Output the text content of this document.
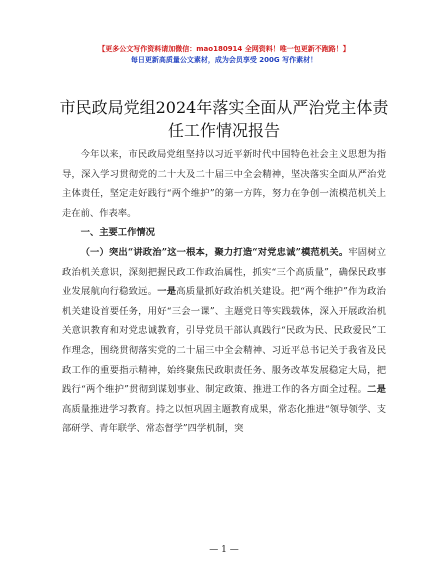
【更多公文写作资料请加微信：mao180914 全网资料！唯一包更新不跑路！】
每日更新高质量公文素材，成为会员享受 200G 写作素材！
市民政局党组2024年落实全面从严治党主体责
任工作情况报告

今年以来，市民政局党组坚持以习近平新时代中国特色社会主义思想为指导，深入学习贯彻党的二十大及二十届三中全会精神，坚决落实全面从严治党主体责任，坚定走好践行“两个维护”的第一方阵，努力在争创一流模范机关上走在前、作表率。

一、主要工作情况

（一）突出“讲政治”这一根本，聚力打造“对党忠诚”模范机关。牢固树立政治机关意识，深刻把握民政工作政治属性，抓实“三个高质量”，确保民政事业发展航向行稳致远。一是高质量抓好政治机关建设。把“两个维护”作为政治机关建设首要任务，用好“三会一课”、主题党日等实践载体，深入开展政治机关意识教育和对党忠诚教育，引导党员干部认真践行“民政为民、民政爱民”工作理念，围绕贯彻落实党的二十届三中全会精神、习近平总书记关于我省及民政工作的重要指示精神，始终聚焦民政职责任务、服务改革发展稳定大局，把践行“两个维护”贯彻到谋划事业、制定政策、推进工作的各方面全过程。二是高质量推进学习教育。持之以恒巩固主题教育成果，常态化推进“领导领学、支部研学、青年联学、常态督学”四学机制，突

— 1 —
